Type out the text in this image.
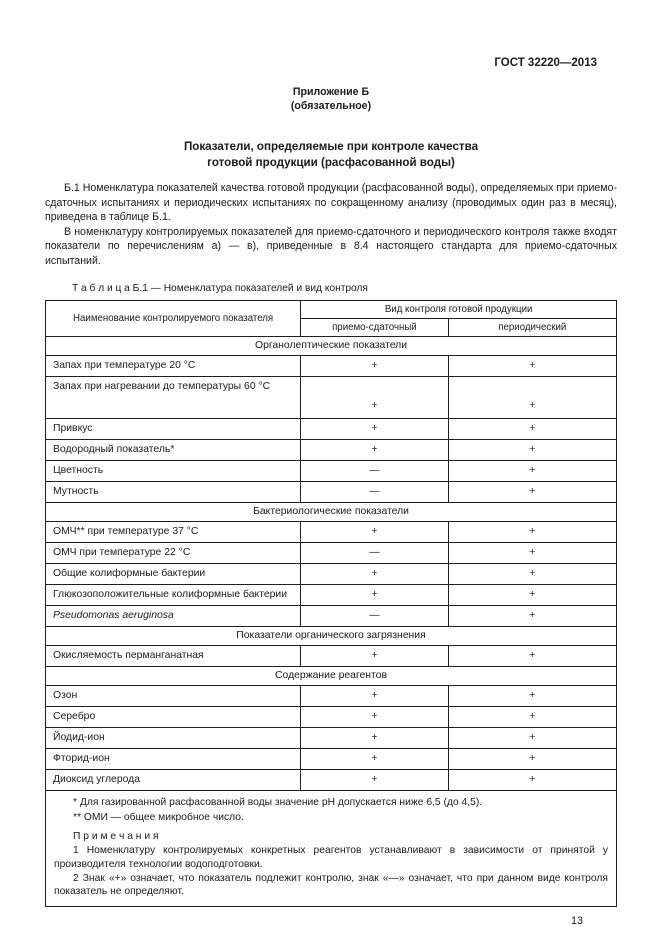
ГОСТ 32220—2013
Приложение Б
(обязательное)
Показатели, определяемые при контроле качества
готовой продукции (расфасованной воды)

Б.1 Номенклатура показателей качества готовой продукции (расфасованной воды), определяемых при приемо-сдаточных испытаниях и периодических испытаниях по сокращенному анализу (проводимых один раз в месяц), приведена в таблице Б.1.

В номенклатуру контролируемых показателей для приемо-сдаточного и периодического контроля также входят показатели по перечислениям а) — в), приведенные в 8.4 настоящего стандарта для приемо-сдаточных испытаний.

Т а б л и ц а Б.1 — Номенклатура показателей и вид контроля
Наименование контролируемого показателя	Вид контроля готовой продукции	
	приемо-сдаточный	периодический
Органолептические показатели		
Запах при температуре 20 °С	+	+
Запах при нагревании до температуры 60 °С	+	+
Привкус	+	+
Водородный показатель*	+	+
Цветность	—	+
Мутность	—	+
Бактериологические показатели		
ОМЧ** при температуре 37 °С	+	+
ОМЧ при температуре 22 °С	—	+
Общие колиформные бактерии	+	+
Глюкозоположительные колиформные бактерии	+	+
Pseudomonas aeruginosa	—	+
Показатели органического загрязнения		
Окисляемость перманганатная	+	+
Содержание реагентов		
Озон	+	+
Серебро	+	+
Йодид-ион	+	+
Фторид-ион	+	+
Диоксид углерода	+	+

* Для газированной расфасованной воды значение pH допускается ниже 6,5 (до 4,5).

** ОМИ — общее микробное число.

П р и м е ч а н и я

1 Номенклатуру контролируемых конкретных реагентов устанавливают в зависимости от принятой у производителя технологии водоподготовки.

2 Знак «+» означает, что показатель подлежит контролю, знак «—» означает, что при данном виде контроля показатель не определяют.		

13
